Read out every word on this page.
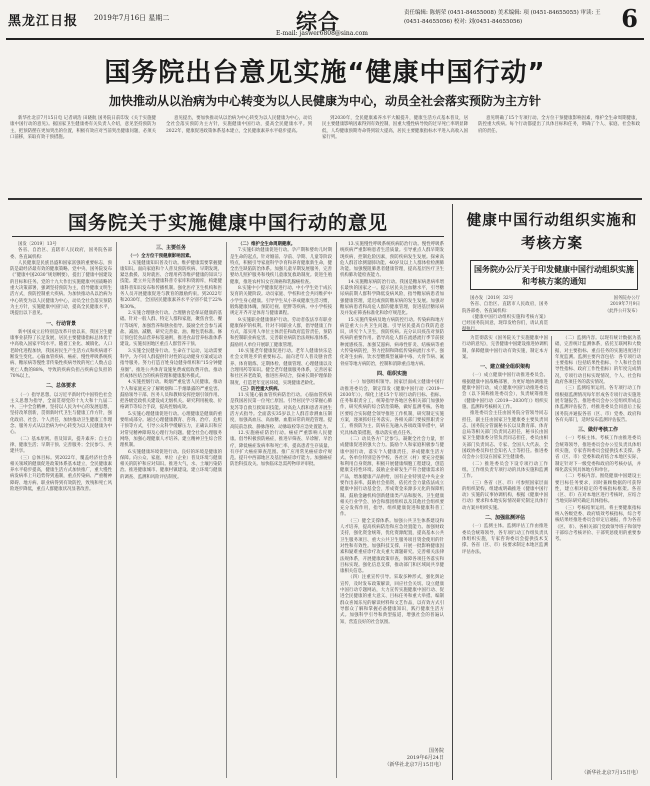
黑龙江日报 2019年7月16日 星期二	综合
E-mail: jaswer6808@sina.com
责任编辑: 陈炳荣 (0451-84655008) 美术编辑: 项 (0451-84655055) 审读: 王(0451-84655056) 校对: 刘(0451-84655056)	6
国务院出台意见实施“健康中国行动”
加快推动从以治病为中心转变为以人民健康为中心，动员全社会落实预防为主方针

新华社北京7月15日电 记者胡浩 田晓航 国务院日前印发《关于实施健康中国行动的意见》。据国家卫生健康委有关负责人介绍，意见坚持预防为主，把预防摆在更加突出的位置，积极有效应对当前突出健康问题，必须关口前移，采取有效干预措施。

意见提出，要加快推动从以治病为中心转变为以人民健康为中心，动员全社会落实预防为主方针，实施健康中国行动，提高全民健康水平。到2022年，健康促进政策体系基本建立，全民健康素养水平稳步提高。

到2030年，全民健康素养水平大幅提升，健康生活方式基本普及，居民主要健康影响因素得到有效控制，因重大慢性病导致的过早死亡率明显降低，人均健康预期寿命得到较大提高，居民主要健康指标水平进入高收入国家行列。

意见明确了15个专项行动。全方位干预健康影响因素，维护全生命周期健康，防控重大疾病。每个行动都提出了具体目标和任务，明确了个人、家庭、社会和政府的责任。

国务院关于实施健康中国行动的意见

国发〔2019〕13号

各省、自治区、直辖市人民政府，国务院各部委、各直属机构：

人民健康是民族昌盛和国家富强的重要标志，预防是最经济最有效的健康策略。党中央、国务院发布《“健康中国2030”规划纲要》，提出了健康中国建设的目标和任务。党的十九大作出实施健康中国战略的重大决策部署，强调坚持预防为主，倡导健康文明生活方式，预防控制重大疾病。为加快推动从以治病为中心转变为以人民健康为中心，动员全社会落实预防为主方针，实施健康中国行动，提高全民健康水平，现提出以下意见。

一、行动背景

新中国成立后特别是改革开放以来，我国卫生健康事业获得了长足发展，居民主要健康指标总体优于中高收入国家平均水平。随着工业化、城镇化、人口老龄化进程加快，我国居民生产生活方式和疾病谱不断发生变化。心脑血管疾病、癌症、慢性呼吸系统疾病、糖尿病等慢性非传染性疾病导致的死亡人数占总死亡人数的88%，导致的疾病负担占疾病总负担的70%以上。

二、总体要求

（一）指导思想。以习近平新时代中国特色社会主义思想为指导，全面贯彻党的十九大和十九届二中、三中全会精神，坚持以人民为中心的发展思想，坚持改革创新，贯彻新时代卫生与健康工作方针，强化政府、社会、个人责任，加快推动卫生健康工作理念、服务方式从以治病为中心转变为以人民健康为中心。

（二）基本原则。普及知识、提升素养；自主自律、健康生活；早期干预、完善服务；全民参与、共建共享。

（三）总体目标。到2022年，覆盖经济社会各相关领域的健康促进政策体系基本建立，全民健康素养水平稳步提高，健康生活方式加快推广，重大慢性病发病率上升趋势得到遏制，重点传染病、严重精神障碍、地方病、职业病得到有效防控，致残和死亡风险逐步降低，重点人群健康状况显著改善。

三、主要任务

（一）全方位干预健康影响因素。

1.实施健康知识普及行动。维护健康需要掌握健康知识。面向家庭和个人普及预防疾病、早期发现、紧急救援、及时就医、合理用药等维护健康的知识与技能。建立并完善健康科普专家库和资源库，构建健康科普知识发布和传播机制。强化医疗卫生机构和医务人员开展健康促进与教育的激励约束。到2022年和2030年，全国居民健康素养水平分别不低于22%和30%。

2.实施合理膳食行动。合理膳食是保证健康的基础。针对一般人群、特定人群和家庭，聚焦食堂、餐厅等场所，加强营养和膳食指导。鼓励全社会参与减盐、减油、减糖，研究完善盐、油、糖包装标准。修订预包装食品营养标签通则，推进食品营养标准体系建设。实施贫困地区重点人群营养干预。

3.实施全民健身行动。生命在于运动，运动需要科学。为不同人群提供针对性的运动健身方案或运动指导服务。努力打造百姓身边健身组织和“15分钟健身圈”。推进公共体育设施免费或低收费开放。推动形成体医结合的疾病管理和健康服务模式。

4.实施控烟行动。吸烟严重危害人民健康。推动个人和家庭充分了解吸烟和二手烟暴露的严重危害。鼓励领导干部、医务人员和教师发挥控烟引领作用。把各级党政机关建设成无烟机关。研究利用税收、价格调节等综合手段，提高控烟成效。

5.实施心理健康促进行动。心理健康是健康的重要组成部分。通过心理健康教育、咨询、治疗、危机干预等方式，引导公众科学缓解压力，正确认识和应对常见精神障碍及心理行为问题。健全社会心理服务网络，加强心理健康人才培养。建立精神卫生综合管理机制。

6.实施健康环境促进行动。良好的环境是健康的保障。向公众、家庭、单位（企业）普及环境与健康相关的防护和应对知识。推进大气、水、土壤污染防治。推进健康城市、健康村镇建设。建立环境与健康的调查、监测和风险评估制度。

（二）维护全生命周期健康。

7.实施妇幼健康促进行动。孕产期和婴幼儿时期是生命的起点。针对婚前、孕前、孕期、儿童等阶段特点，积极引导家庭科学孕育和养育健康新生命，健全出生缺陷防治体系。加强儿童早期发展服务，完善婴幼儿照护服务和残疾儿童康复救助制度。促进生殖健康，推进农村妇女宫颈癌和乳腺癌检查。

8.实施中小学健康促进行动。中小学生处于成长发育的关键阶段。动员家庭、学校和社会共同维护中小学生身心健康。引导学生从小养成健康生活习惯，锻炼健康体魄，预防近视、肥胖等疾病。中小学校按规定开齐开足体育与健康课程。

9.实施职业健康保护行动。劳动者依法享有职业健康保护的权利。针对不同职业人群，倡导健康工作方式，落实用人单位主体责任和政府监管责任，预防和控制职业病危害。完善职业病防治法规标准体系。鼓励用人单位开展职工健康管理。

10.实施老年健康促进行动。老年人健康快乐是社会文明进步的重要标志。面向老年人普及膳食营养、体育锻炼、定期体检、健康管理、心理健康以及合理用药等知识。健全老年健康服务体系，完善居家和社区养老政策，推进医养结合，探索长期护理保险制度，打造老年宜居环境，实现健康老龄化。

（三）防控重大疾病。

11.实施心脑血管疾病防治行动。心脑血管疾病是我国居民第一位死亡原因。引导居民学习掌握心肺复苏等自救互救知识技能。对高危人群和患者开展生活方式指导。全面落实35岁以上人群首诊测血压制度，加强高血压、高血糖、血脂异常的规范管理。提高院前急救、静脉溶栓、动脉取栓等应急处置能力。

12.实施癌症防治行动。癌症严重影响人民健康。倡导积极预防癌症，推进早筛查、早诊断、早治疗，降低癌症发病率和死亡率，提高患者生存质量。有序扩大癌症筛查范围。推广应用常见癌症诊疗规范。提升中西部地区及基层癌症诊疗能力。加强癌症防治科技攻关。加快临床急需药物审评审批。

13.实施慢性呼吸系统疾病防治行动。慢性呼吸系统疾病严重影响患者生活质量。引导重点人群早期发现疾病，控制危险因素，预防疾病发生发展。探索高危人群首诊测量肺功能、40岁及以上人群体检检测肺功能。加强慢阻肺患者健康管理，提高基层医疗卫生机构肺功能检查能力。

14.实施糖尿病防治行动。我国是糖尿病患病率增长最快的国家之一。提示居民关注血糖水平，引导糖尿病前期人群科学降低发病风险，指导糖尿病患者加强健康管理，延迟或预防糖尿病的发生发展。加强对糖尿病患者和高危人群的健康管理，促进基层糖尿病及并发症筛查标准化和诊疗规范化。

15.实施传染病及地方病防控行动。传染病和地方病是重大公共卫生问题。引导居民提高自我防范意识，讲究个人卫生，预防疾病。充分认识疫苗对预防疾病的重要作用。倡导高危人群在流感流行季节前接种流感疫苗。加强艾滋病、病毒性肝炎、结核病等重大传染病防控，努力控制和降低传染病流行水平。强化寄生虫病、饮水型燃煤型氟砷中毒、大骨节病、氟骨症等地方病防治，控制和消除重点地方病。

四、组织实施

（一）加强组织领导。国家层面成立健康中国行动推进委员会，制定印发《健康中国行动（2019—2030年）》，细化上述15个专项行动的目标、指标、任务和职责分工，统筹指导各地区各相关部门加强协作，研究疾病的综合防治策略，做好监测考核。各地区要结合实际健全领导推进工作机制，研究制定实施方案，逐项抓好任务落实。各相关部门要按照职责分工，将预防为主、防病在先融入各项政策举措中，研究具体政策措施，推动落实重点任务。

（二）动员各方广泛参与。凝聚全社会力量，形成健康促进的强大合力。鼓励个人和家庭积极参与健康中国行动，落实个人健康责任，养成健康生活方式。各单位特别是各学校、各社区（村）要充分挖掘和利用自身资源，积极开展健康细胞工程建设，创造健康支持性环境。鼓励企业研发生产符合健康需求的产品，增加健康产品供给，国有企业特别是中央企业要作出表率。鼓励社会捐资，依托社会力量依法成立健康中国行动基金会，形成资金来源多元化的保障机制。鼓励金融机构创新健康类产品和服务。卫生健康相关行业学会、协会和群团组织以及其他社会组织要充分发挥作用，指导、组织健康促进和健康科普工作。

（三）健全支撑体系。加强公共卫生体系建设和人才培养，提高疾病防治和应急处置能力。加强财政支持，强化资金统筹，优化资源配置，提高基本公共卫生服务项目、重大公共卫生服务项目资金使用的针对性和有效性。加强科技支撑，开展一批影响健康因素和疑难重症诊疗攻关重大课题研究。完善相关法律法规体系，开展健康政策审查，保障各项任务落实和目标实现。强化信息支撑，推动部门和区域间共享健康相关信息。

（四）注重宣传引导。采取多种形式，强化舆论宣传，及时发布政策解读，回应社会关切。设立健康中国行动专题网站，大力宣传实施健康中国行动、促进全民健康的重大意义、目标任务和重大举措。编制群众喜闻乐见的解读材料和文艺作品，以有效方式引导群众了解和掌握必备健康知识，践行健康生活方式。加强科学引导和典型报道，增强社会的普遍认知，营造良好的社会氛围。

国务院
2019年6月24日
（新华社北京7月15日电）
健康中国行动组织实施和考核方案
国务院办公厅关于印发健康中国行动组织实施和考核方案的通知

国办发〔2019〕32号

各省、自治区、直辖市人民政府，国务院各部委、各直属机构：

《健康中国行动组织实施和考核方案》已经国务院同意，现印发给你们，请认真贯

国务院办公厅
2019年7月9日
（此件公开发布）

为贯彻落实《国务院关于实施健康中国行动的意见》，完善健康中国建设推进协调机制，保障健康中国行动有效实施，制定本方案。

一、建立健全组织架构

（一）成立健康中国行动推进委员会。根据健康中国战略部署，为更好地协调推进健康中国行动，成立健康中国行动推进委员会（以下简称推进委员会），负责统筹推进《健康中国行动（2019—2030年）》组织实施、监测和考核相关工作。

推进委员会主任由国务院分管领导同志担任，副主任由国家卫生健康委主要负责同志、国务院分管副秘书长以及教育部、体育总局等相关部门负责同志担任，秘书长由国家卫生健康委分管负责同志担任，委员由相关部门负责同志、专家、全国人大代表、全国政协委员和社会知名人士等担任。推进委员会办公室设在国家卫生健康委。

（二）推进委员会下设专项行动工作组。工作组负责专项行动的具体实施和监测工作。

（三）各省（区、市）可参照国家层面的组织架构，组建或明确推进《健康中国行动》实施的议事协调机构，根据《健康中国行动》要求和本地实际情况研究制定具体行动方案并组织实施。

二、加强监测评估

（一）监测主体。监测评估工作由推进委员会统筹领导，各专项行动工作组负责具体组织实施，专家咨询委员会提供技术支撑。各省（区、市）按要求制定本地区监测评估办法。

（二）监测内容。以现有统计数据为基础，完善统计监测体系，依托互联网和大数据，对主要指标、重点任务的实施进度进行年度监测。监测主要内容包括：各专项行动主要指标（包括结果性指标、个人和社会倡导性指标、政府工作性指标）的年度完成情况，专项行动目标实现情况，个人、社会和政府各项任务的落实情况。

（三）监测结果运用。各专项行动工作组根据监测情况每年形成各专项行动实施进展专题报告。推进委员会办公室组织形成总体监测评估报告，经推进委员会同意后上报国务院并通报各省（区、市）党委、政府和各有关部门，适时发布监测评估报告。

三、做好考核工作

（一）考核主体。考核工作由推进委员会统筹领导，推进委员会办公室负责具体组织实施，专家咨询委员会提供技术支撑。各省（区、市）党委和政府结合本地区实际，制定针对下一级党委和政府的考核办法，并细化落实到具体地方和单位。

（二）考核内容。围绕健康中国建设主要目标任务要求，同时兼顾数据的可获得性，建立相对稳定的考核指标框架。各省（区、市）在对本地区进行考核时，应结合当地实际研究确定具体指标。

（三）考核结果运用。将主要健康指标纳入各级党委、政府绩效考核指标，综合考核结果经推进委员会审定后通报，作为各省（区、市）、各相关部门党政领导班子和领导干部综合考核评价、干部奖惩使用的重要参考。

（新华社北京7月15日电）
